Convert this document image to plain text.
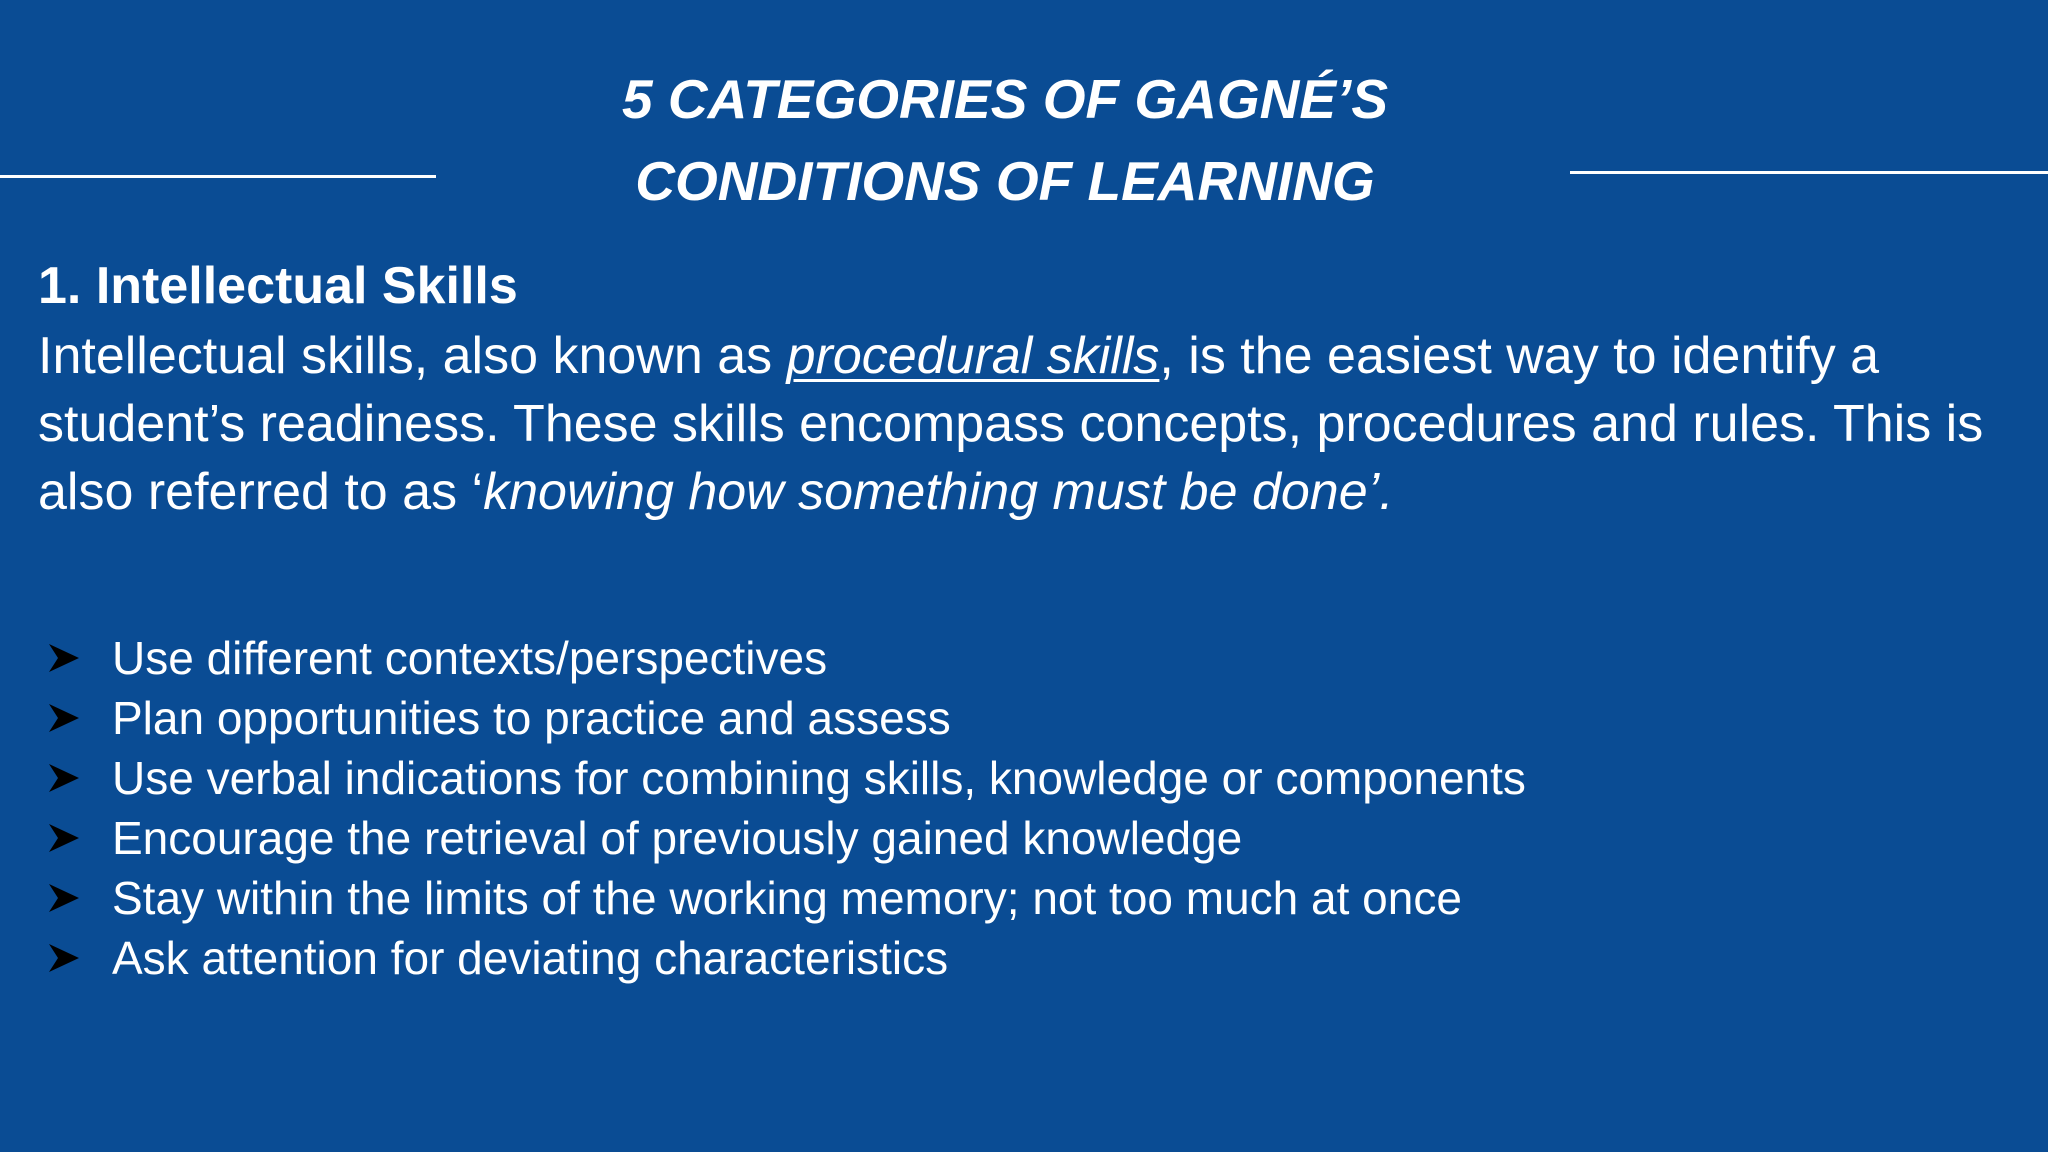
5 CATEGORIES OF GAGNÉ’S
CONDITIONS OF LEARNING
1. Intellectual Skills

Intellectual skills, also known as procedural skills, is the easiest way to identify a student’s readiness. These skills encompass concepts, procedures and rules. This is also referred to as ‘knowing how something must be done’.

Use different contexts/perspectives
Plan opportunities to practice and assess
Use verbal indications for combining skills, knowledge or components
Encourage the retrieval of previously gained knowledge
Stay within the limits of the working memory; not too much at once
Ask attention for deviating characteristics
